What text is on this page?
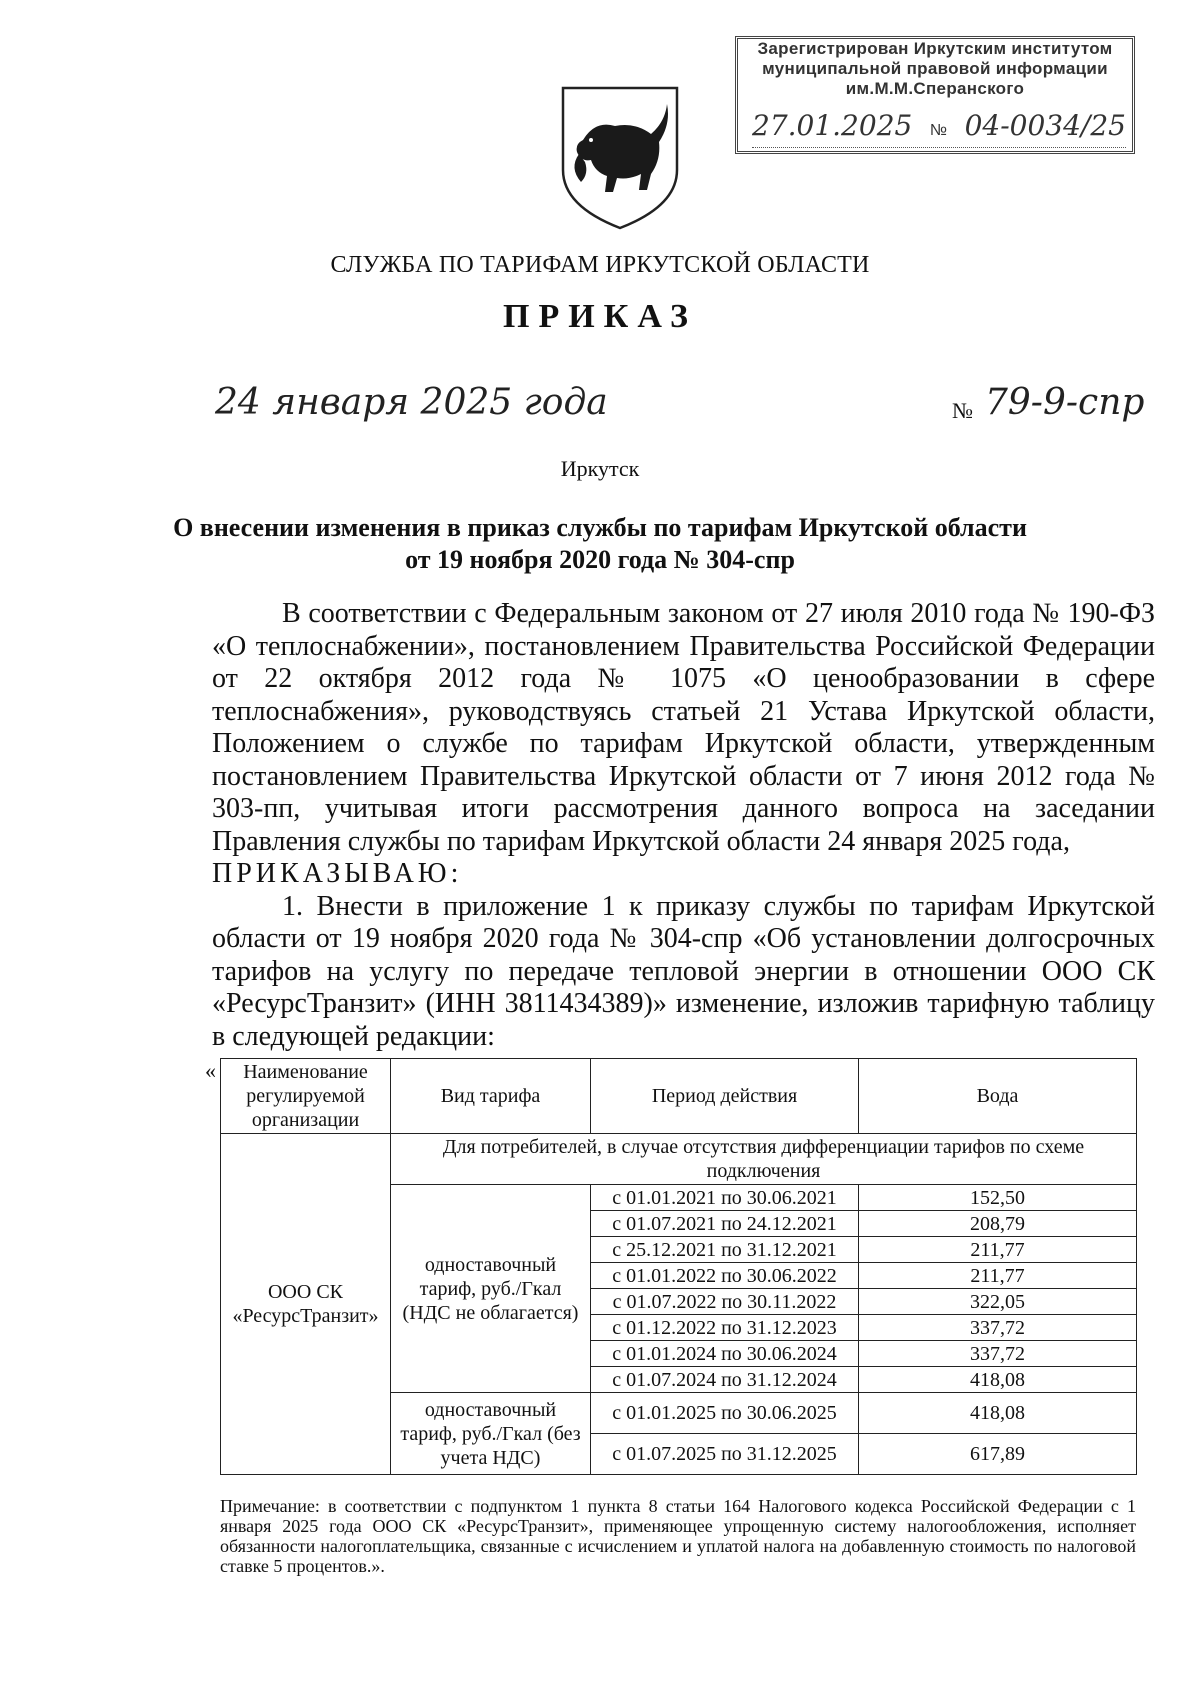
Зарегистрирован Иркутским институтом
муниципальной правовой информации
им.М.М.Сперанского
27.01.2025 № 04-0034/25
СЛУЖБА ПО ТАРИФАМ ИРКУТСКОЙ ОБЛАСТИ
ПРИКАЗ
24 января 2025 года	№ 79-9-спр
Иркутск
О внесении изменения в приказ службы по тарифам Иркутской области
от 19 ноября 2020 года № 304-спр

В соответствии с Федеральным законом от 27 июля 2010 года № 190-ФЗ «О теплоснабжении», постановлением Правительства Российской Федерации от 22 октября 2012 года № 1075 «О ценообразовании в сфере теплоснабжения», руководствуясь статьей 21 Устава Иркутской области, Положением о службе по тарифам Иркутской области, утвержденным постановлением Правительства Иркутской области от 7 июня 2012 года № 303-пп, учитывая итоги рассмотрения данного вопроса на заседании Правления службы по тарифам Иркутской области 24 января 2025 года,

ПРИКАЗЫВАЮ:

1. Внести в приложение 1 к приказу службы по тарифам Иркутской области от 19 ноября 2020 года № 304-спр «Об установлении долгосрочных тарифов на услугу по передаче тепловой энергии в отношении ООО СК «РесурсТранзит» (ИНН 3811434389)» изменение, изложив тарифную таблицу в следующей редакции:

« Наименование регулируемой организации	Вид тарифа	Период действия	Вода
ООО СК «РесурсТранзит»	Для потребителей, в случае отсутствия дифференциации тарифов по схеме подключения		
	одноставочный тариф, руб./Гкал (НДС не облагается)	с 01.01.2021 по 30.06.2021	152,50
		с 01.07.2021 по 24.12.2021	208,79
		с 25.12.2021 по 31.12.2021	211,77
		с 01.01.2022 по 30.06.2022	211,77
		с 01.07.2022 по 30.11.2022	322,05
		с 01.12.2022 по 31.12.2023	337,72
		с 01.01.2024 по 30.06.2024	337,72
		с 01.07.2024 по 31.12.2024	418,08
	одноставочный тариф, руб./Гкал (без учета НДС)	с 01.01.2025 по 30.06.2025	418,08
		с 01.07.2025 по 31.12.2025	617,89
Примечание: в соответствии с подпунктом 1 пункта 8 статьи 164 Налогового кодекса Российской Федерации с 1 января 2025 года ООО СК «РесурсТранзит», применяющее упрощенную систему налогообложения, исполняет обязанности налогоплательщика, связанные с исчислением и уплатой налога на добавленную стоимость по налоговой ставке 5 процентов.».
